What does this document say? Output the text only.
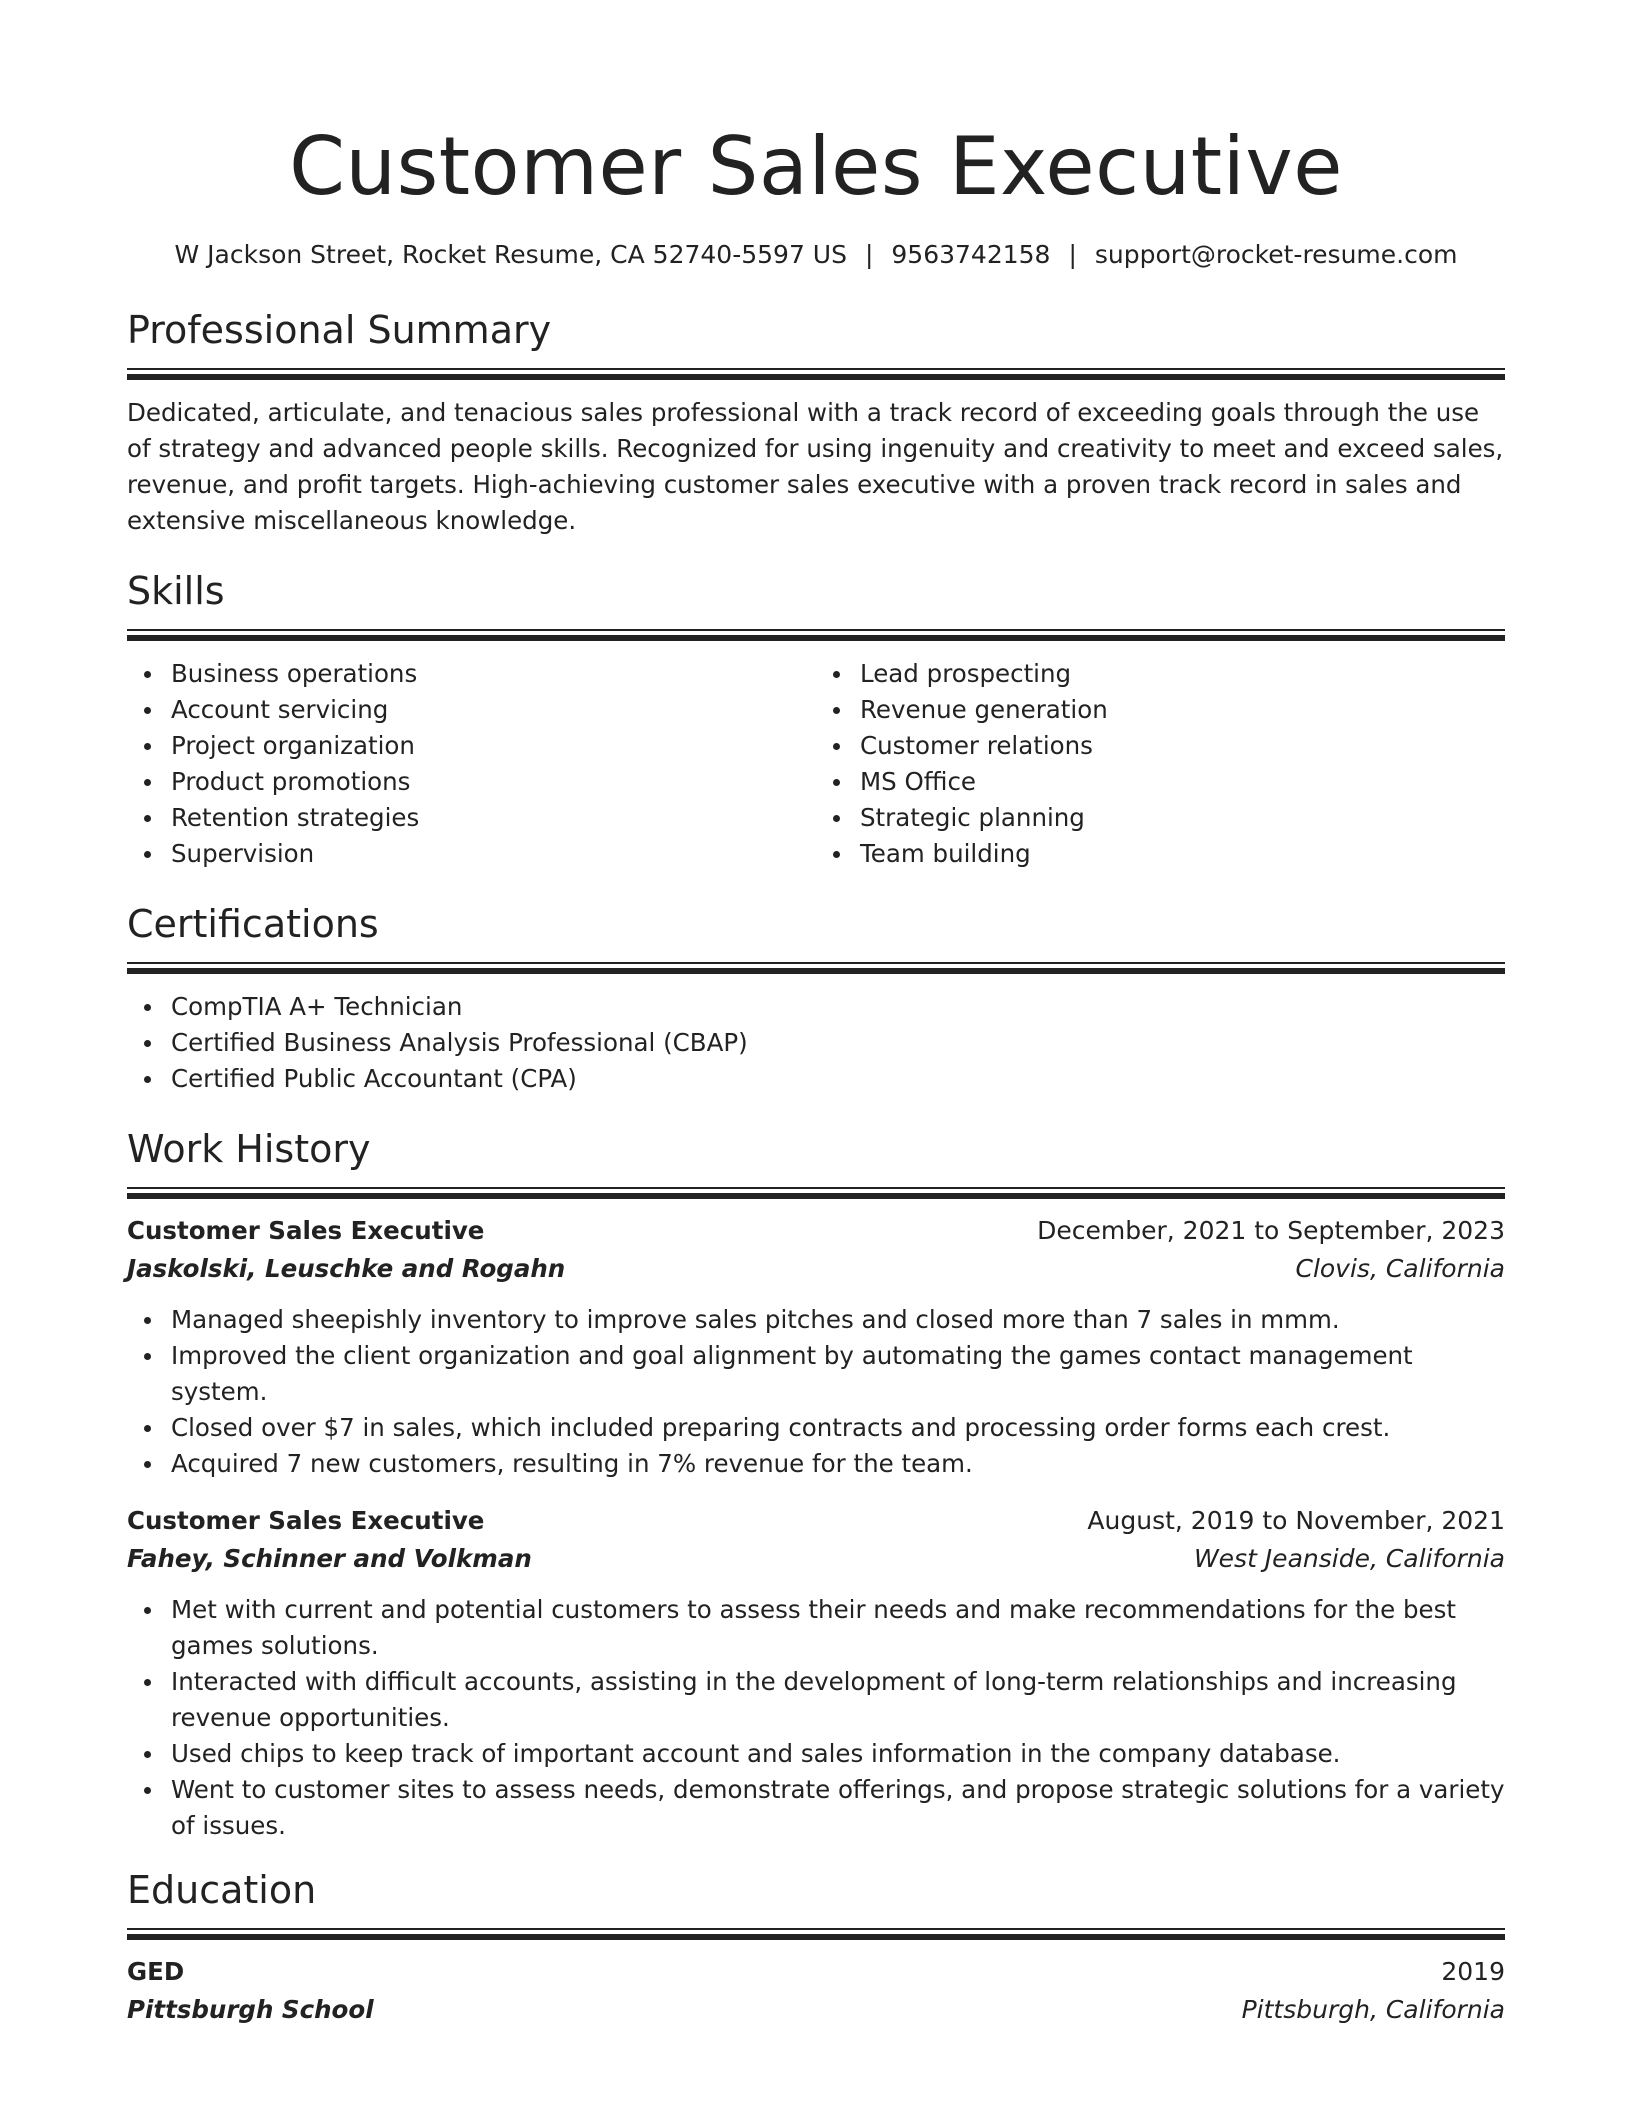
Customer Sales Executive
W Jackson Street, Rocket Resume, CA 52740-5597 US | 9563742158 | support@rocket-resume.com
Professional Summary
Dedicated, articulate, and tenacious sales professional with a track record of exceeding goals through the use of strategy and advanced people skills. Recognized for using ingenuity and creativity to meet and exceed sales, revenue, and profit targets. High-achieving customer sales executive with a proven track record in sales and extensive miscellaneous knowledge.
Skills
Business operations
Account servicing
Project organization
Product promotions
Retention strategies
Supervision
Lead prospecting
Revenue generation
Customer relations
MS Office
Strategic planning
Team building
Certifications
CompTIA A+ Technician
Certified Business Analysis Professional (CBAP)
Certified Public Accountant (CPA)
Work History
Customer Sales Executive	December, 2021 to September, 2023
Jaskolski, Leuschke and Rogahn	Clovis, California
Managed sheepishly inventory to improve sales pitches and closed more than 7 sales in mmm.
Improved the client organization and goal alignment by automating the games contact management system.
Closed over $7 in sales, which included preparing contracts and processing order forms each crest.
Acquired 7 new customers, resulting in 7% revenue for the team.
Customer Sales Executive	August, 2019 to November, 2021
Fahey, Schinner and Volkman	West Jeanside, California
Met with current and potential customers to assess their needs and make recommendations for the best games solutions.
Interacted with difficult accounts, assisting in the development of long-term relationships and increasing revenue opportunities.
Used chips to keep track of important account and sales information in the company database.
Went to customer sites to assess needs, demonstrate offerings, and propose strategic solutions for a variety of issues.
Education
GED	2019
Pittsburgh School	Pittsburgh, California
